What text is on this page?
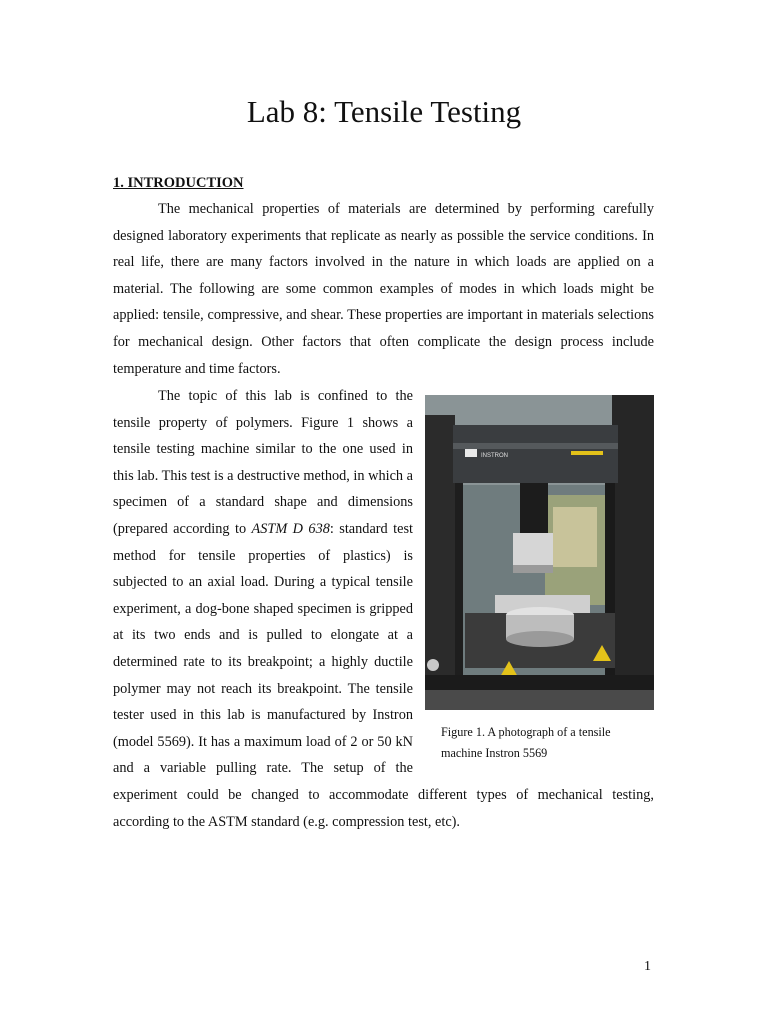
Lab 8: Tensile Testing
1. INTRODUCTION

The mechanical properties of materials are determined by performing carefully designed laboratory experiments that replicate as nearly as possible the service conditions. In real life, there are many factors involved in the nature in which loads are applied on a material. The following are some common examples of modes in which loads might be applied: tensile, compressive, and shear. These properties are important in materials selections for mechanical design. Other factors that often complicate the design process include temperature and time factors.

INSTRON
Figure 1. A photograph of a tensile machine Instron 5569

The topic of this lab is confined to the tensile property of polymers. Figure 1 shows a tensile testing machine similar to the one used in this lab. This test is a destructive method, in which a specimen of a standard shape and dimensions (prepared according to ASTM D 638: standard test method for tensile properties of plastics) is subjected to an axial load. During a typical tensile experiment, a dog-bone shaped specimen is gripped at its two ends and is pulled to elongate at a determined rate to its breakpoint; a highly ductile polymer may not reach its breakpoint. The tensile tester used in this lab is manufactured by Instron (model 5569). It has a maximum load of 2 or 50 kN and a variable pulling rate. The setup of the experiment could be changed to accommodate different types of mechanical testing, according to the ASTM standard (e.g. compression test, etc).

1
